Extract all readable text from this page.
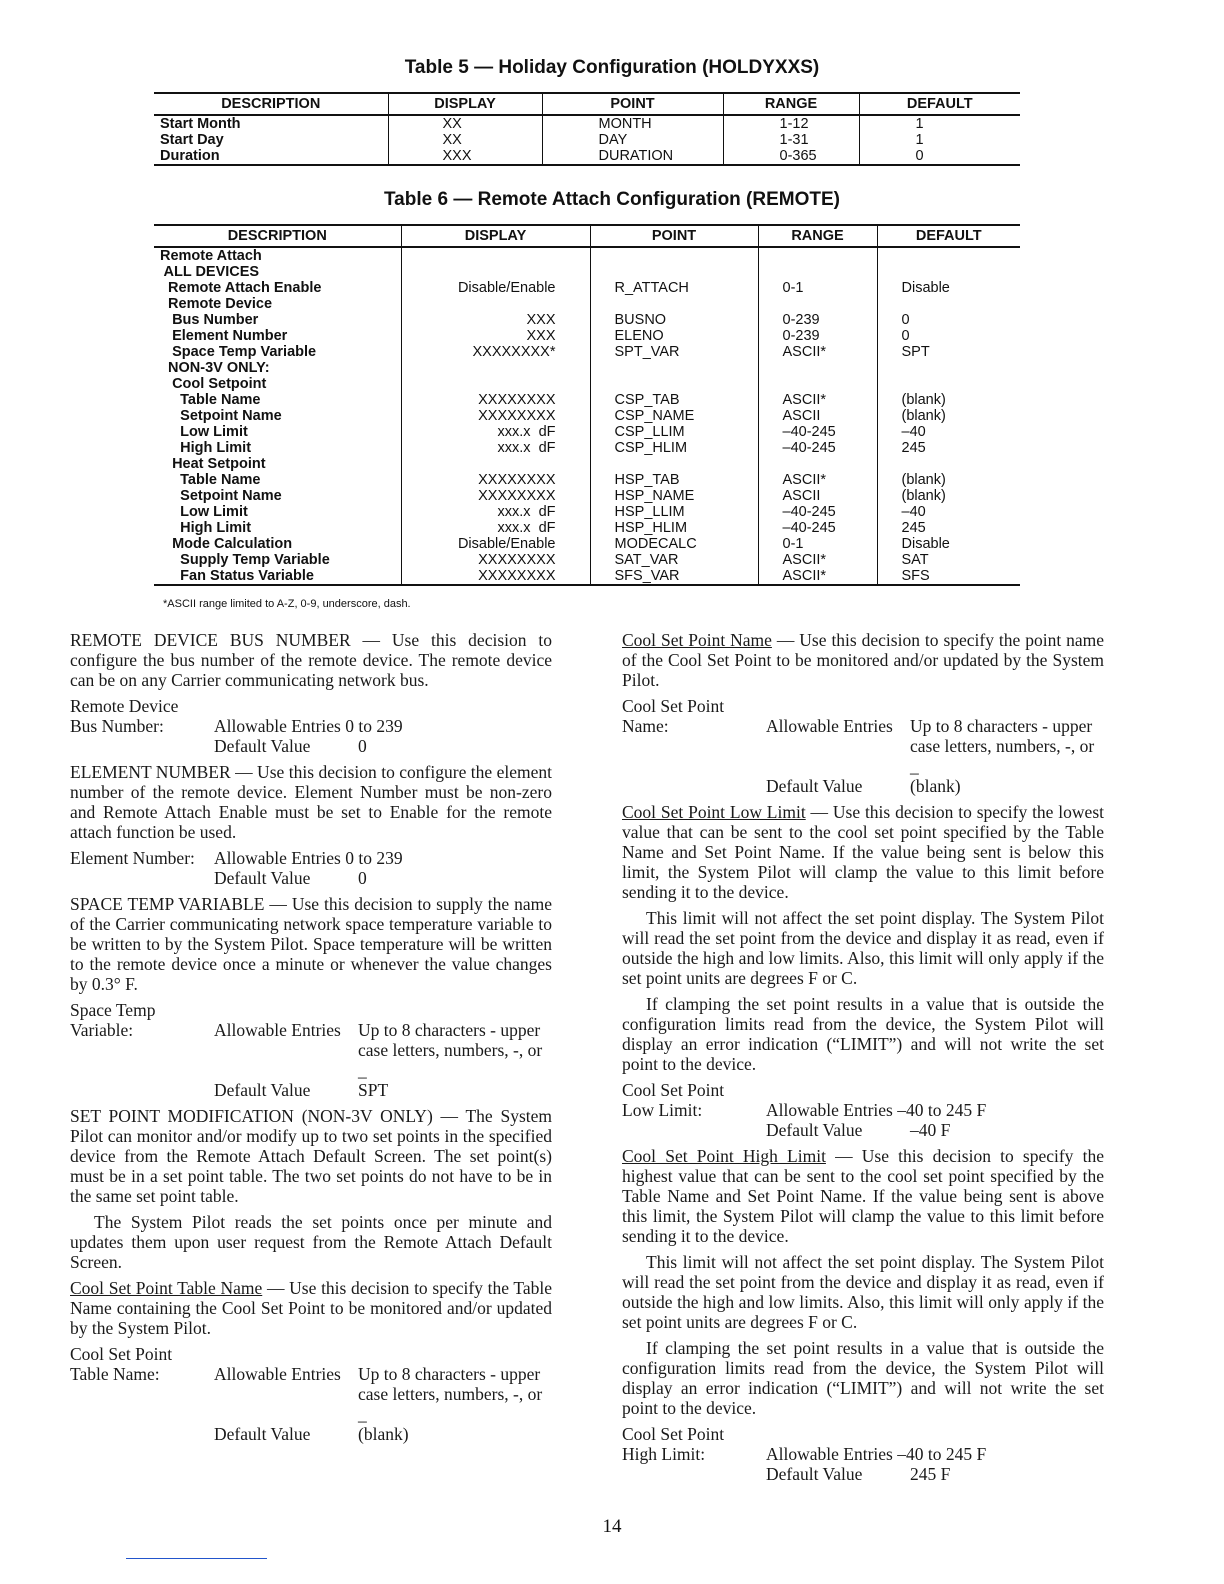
Table 5 — Holiday Configuration (HOLDYXXS)
DESCRIPTION	DISPLAY	POINT	RANGE	DEFAULT
Start Month	XX	MONTH	1-12	1
Start Day	XX	DAY	1-31	1
Duration	XXX	DURATION	0-365	0
Table 6 — Remote Attach Configuration (REMOTE)
DESCRIPTION	DISPLAY	POINT	RANGE	DEFAULT
Remote Attach				
ALL DEVICES				
Remote Attach Enable	Disable/Enable	R_ATTACH	0-1	Disable
Remote Device				
Bus Number	XXX	BUSNO	0-239	0
Element Number	XXX	ELENO	0-239	0
Space Temp Variable	XXXXXXXX*	SPT_VAR	ASCII*	SPT
NON-3V ONLY:				
Cool Setpoint				
Table Name	XXXXXXXX	CSP_TAB	ASCII*	(blank)
Setpoint Name	XXXXXXXX	CSP_NAME	ASCII	(blank)
Low Limit	xxx.x  dF	CSP_LLIM	–40-245	–40
High Limit	xxx.x  dF	CSP_HLIM	–40-245	245
Heat Setpoint				
Table Name	XXXXXXXX	HSP_TAB	ASCII*	(blank)
Setpoint Name	XXXXXXXX	HSP_NAME	ASCII	(blank)
Low Limit	xxx.x  dF	HSP_LLIM	–40-245	–40
High Limit	xxx.x  dF	HSP_HLIM	–40-245	245
Mode Calculation	Disable/Enable	MODECALC	0-1	Disable
Supply Temp Variable	XXXXXXXX	SAT_VAR	ASCII*	SAT
Fan Status Variable	XXXXXXXX	SFS_VAR	ASCII*	SFS
*ASCII range limited to A-Z, 0-9, underscore, dash.

REMOTE DEVICE BUS NUMBER — Use this decision to configure the bus number of the remote device. The remote device can be on any Carrier communicating network bus.

Remote Device
Bus Number:	Allowable Entries 0 to 239
Default Value	0

ELEMENT NUMBER — Use this decision to configure the element number of the remote device. Element Number must be non-zero and Remote Attach Enable must be set to Enable for the remote attach function be used.

Element Number:	Allowable Entries 0 to 239
Default Value	0

SPACE TEMP VARIABLE — Use this decision to supply the name of the Carrier communicating network space temperature variable to be written to by the System Pilot. Space temperature will be written to the remote device once a minute or whenever the value changes by 0.3° F.

Space Temp
Variable:	Allowable Entries Up to 8 characters - upper case letters, numbers, -, or _
Default Value	SPT

SET POINT MODIFICATION (NON-3V ONLY) — The System Pilot can monitor and/or modify up to two set points in the specified device from the Remote Attach Default Screen. The set point(s) must be in a set point table. The two set points do not have to be in the same set point table.

The System Pilot reads the set points once per minute and updates them upon user request from the Remote Attach Default Screen.

Cool Set Point Table Name — Use this decision to specify the Table Name containing the Cool Set Point to be monitored and/or updated by the System Pilot.

Cool Set Point
Table Name:	Allowable Entries Up to 8 characters - upper case letters, numbers, -, or _
Default Value	(blank)

Cool Set Point Name — Use this decision to specify the point name of the Cool Set Point to be monitored and/or updated by the System Pilot.

Cool Set Point
Name:	Allowable Entries Up to 8 characters - upper case letters, numbers, -, or _
Default Value	(blank)

Cool Set Point Low Limit — Use this decision to specify the lowest value that can be sent to the cool set point specified by the Table Name and Set Point Name. If the value being sent is below this limit, the System Pilot will clamp the value to this limit before sending it to the device.

This limit will not affect the set point display. The System Pilot will read the set point from the device and display it as read, even if outside the high and low limits. Also, this limit will only apply if the set point units are degrees F or C.

If clamping the set point results in a value that is outside the configuration limits read from the device, the System Pilot will display an error indication (“LIMIT”) and will not write the set point to the device.

Cool Set Point
Low Limit:	Allowable Entries –40 to 245 F
Default Value	–40 F

Cool Set Point High Limit — Use this decision to specify the highest value that can be sent to the cool set point specified by the Table Name and Set Point Name. If the value being sent is above this limit, the System Pilot will clamp the value to this limit before sending it to the device.

This limit will not affect the set point display. The System Pilot will read the set point from the device and display it as read, even if outside the high and low limits. Also, this limit will only apply if the set point units are degrees F or C.

If clamping the set point results in a value that is outside the configuration limits read from the device, the System Pilot will display an error indication (“LIMIT”) and will not write the set point to the device.

Cool Set Point
High Limit:	Allowable Entries –40 to 245 F
Default Value	245 F
14
